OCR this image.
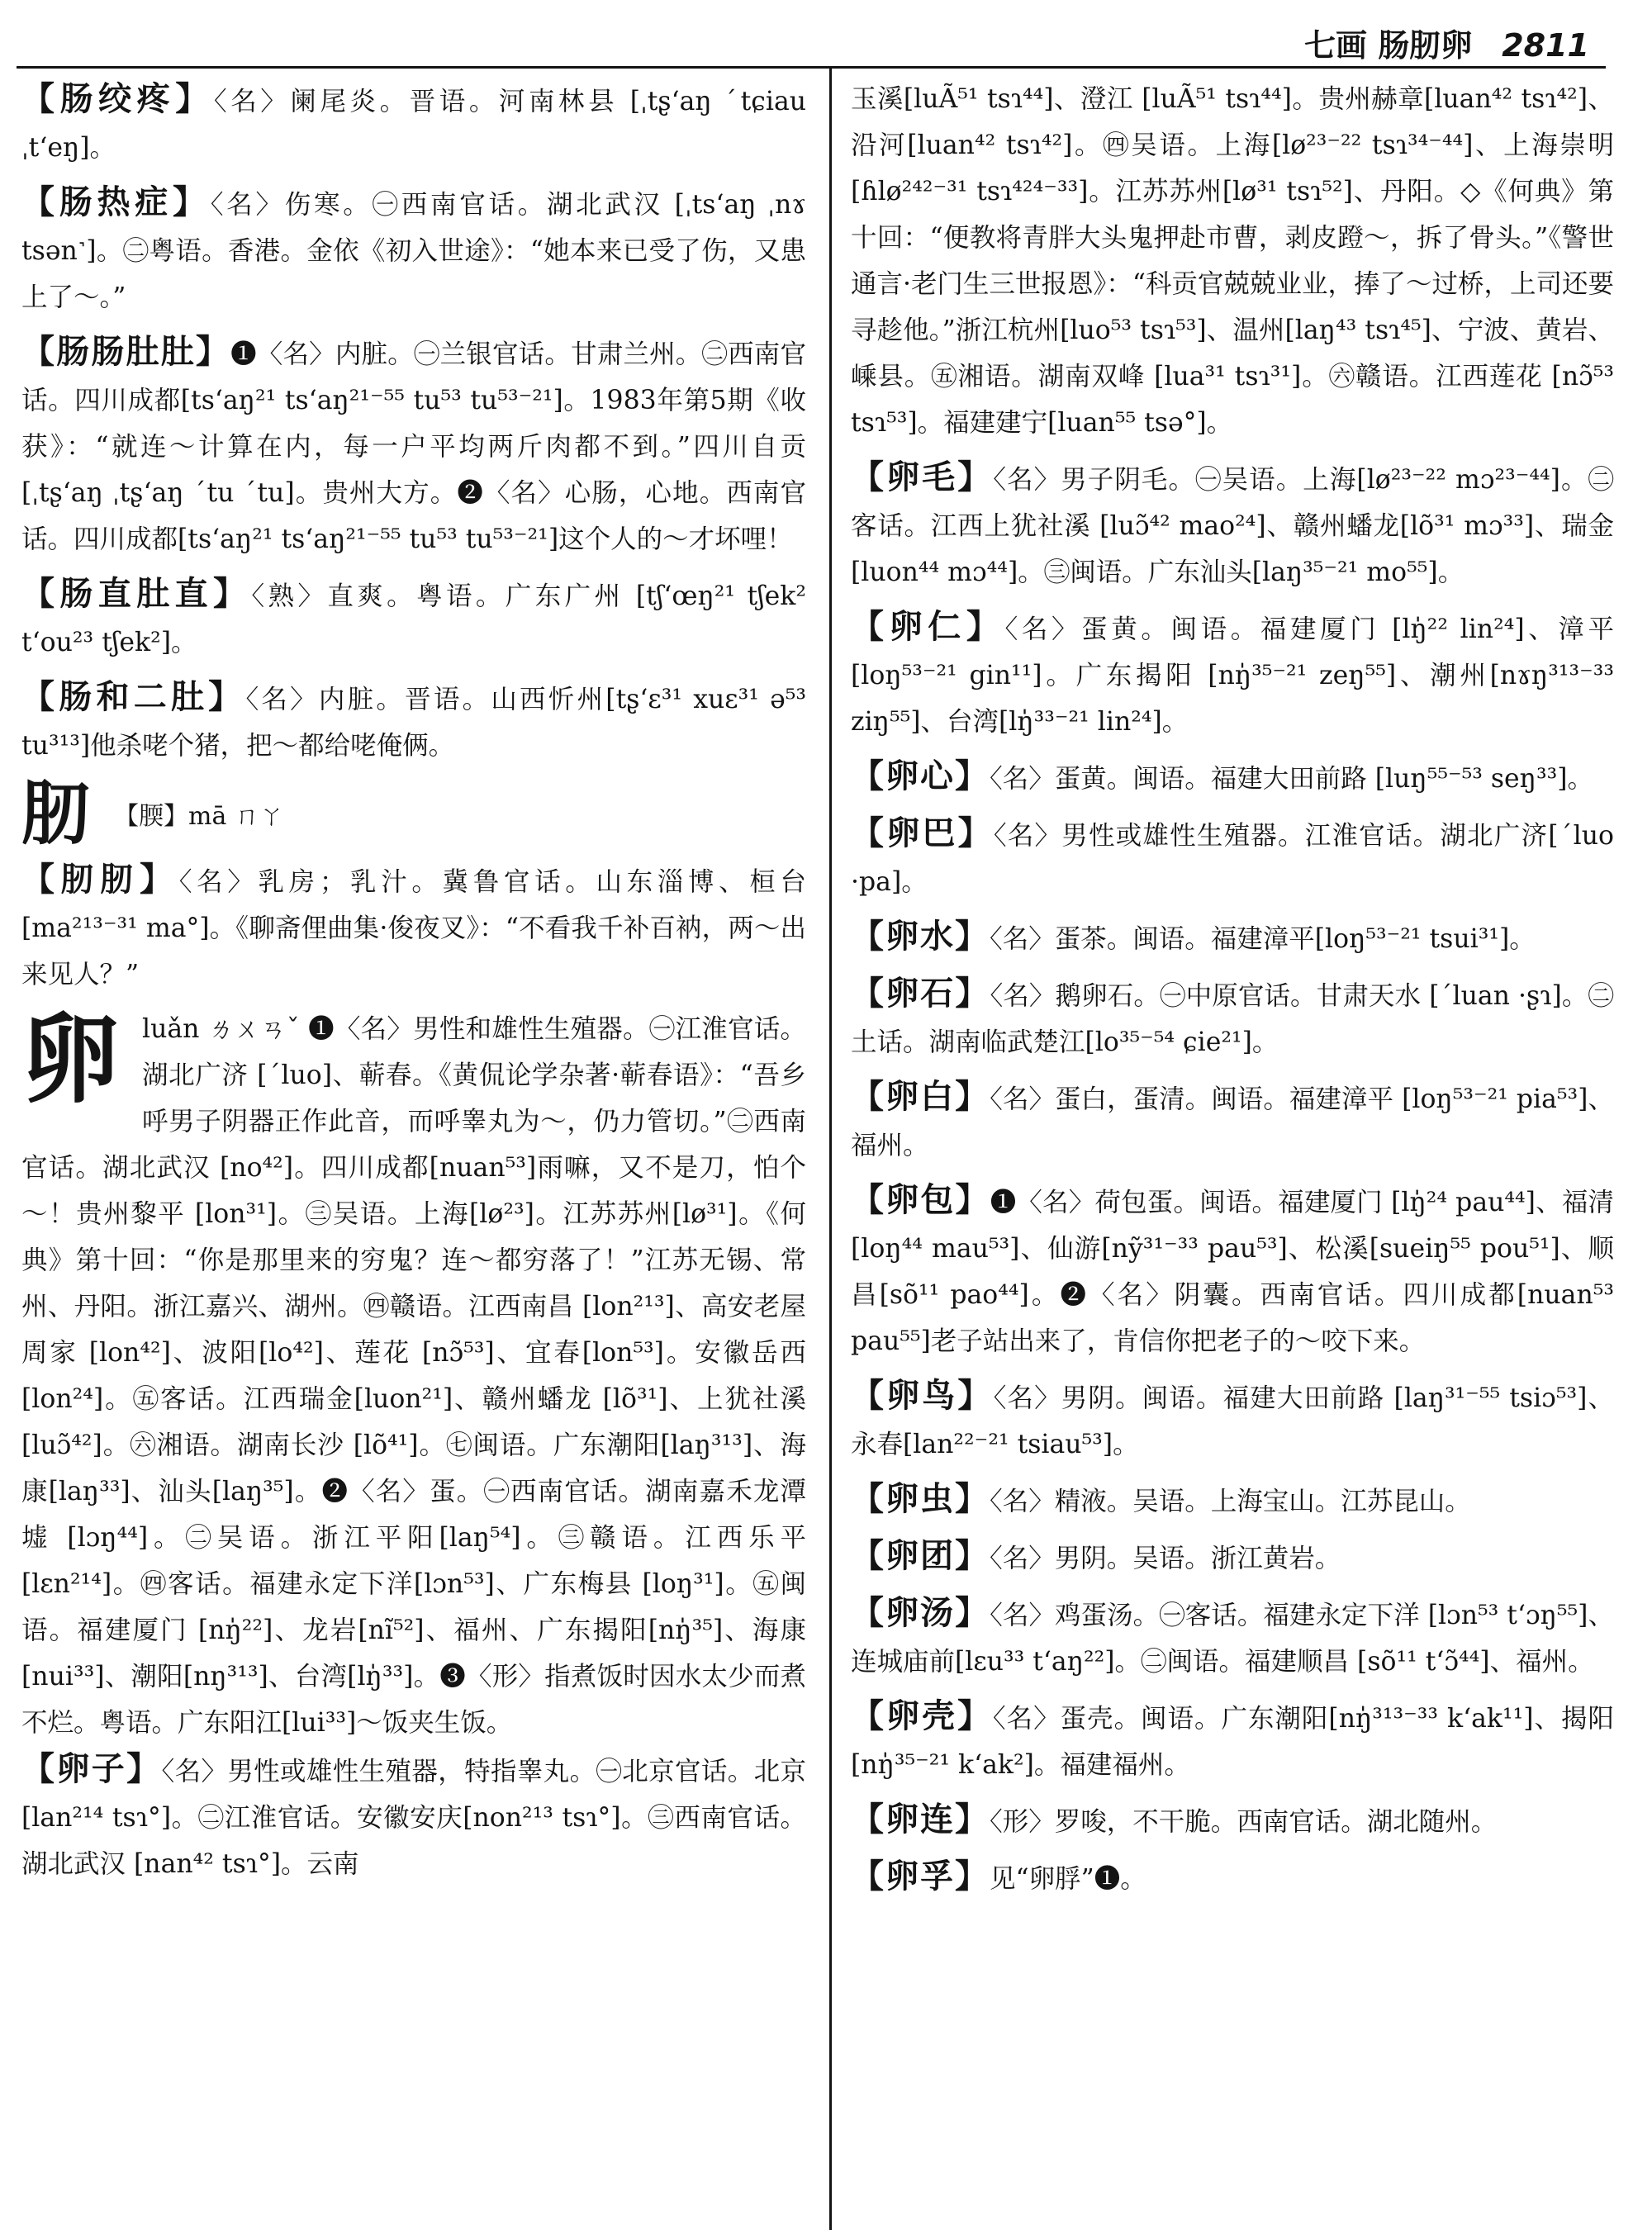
七画 肠肕卵 2811

【肠绞疼】〈名〉阑尾炎。晋语。河南林县 [ˌtʂʻaŋ ˊtɕiau ˌtʻeŋ]。

【肠热症】〈名〉伤寒。㊀西南官话。湖北武汉 [ˌtsʻaŋ ˌnɤ tsən˺]。㊁粤语。香港。金依《初入世途》：“她本来已受了伤，又患上了～。”

【肠肠肚肚】❶〈名〉内脏。㊀兰银官话。甘肃兰州。㊁西南官话。四川成都[tsʻaŋ²¹ tsʻaŋ²¹⁻⁵⁵ tu⁵³ tu⁵³⁻²¹]。1983年第5期《收获》：“就连～计算在内，每一户平均两斤肉都不到。”四川自贡 [ˌtʂʻaŋ ˌtʂʻaŋ ˊtu ˊtu]。贵州大方。❷〈名〉心肠，心地。西南官话。四川成都[tsʻaŋ²¹ tsʻaŋ²¹⁻⁵⁵ tu⁵³ tu⁵³⁻²¹]这个人的～才坏哩！

【肠直肚直】〈熟〉直爽。粤语。广东广州 [tʃʻœŋ²¹ tʃek² tʻou²³ tʃek²]。

【肠和二肚】〈名〉内脏。晋语。山西忻州[tʂʻɛ³¹ xuɛ³¹ ə⁵³ tu³¹³]他杀咾个猪，把～都给咾俺俩。

肕 【腝】mā ㄇㄚ

【肕肕】〈名〉乳房；乳汁。冀鲁官话。山东淄博、桓台[ma²¹³⁻³¹ ma°]。《聊斋俚曲集·俊夜叉》：“不看我千补百衲，两～出来见人？”

卵 luǎn ㄌㄨㄢˇ ❶〈名〉男性和雄性生殖器。㊀江淮官话。湖北广济 [ˊluo]、蕲春。《黄侃论学杂著·蕲春语》：“吾乡呼男子阴器正作此音，而呼睾丸为～，仍力管切。”㊁西南官话。湖北武汉 [no⁴²]。四川成都[nuan⁵³]雨嘛，又不是刀，怕个～！贵州黎平 [lon³¹]。㊂吴语。上海[lø²³]。江苏苏州[lø³¹]。《何典》第十回：“你是那里来的穷鬼？连～都穷落了！”江苏无锡、常州、丹阳。浙江嘉兴、湖州。㊃赣语。江西南昌 [lon²¹³]、高安老屋周家 [lon⁴²]、波阳[lo⁴²]、莲花 [nɔ̃⁵³]、宜春[lon⁵³]。安徽岳西 [lon²⁴]。㊄客话。江西瑞金[luon²¹]、赣州蟠龙 [lõ³¹]、上犹社溪 [luɔ̃⁴²]。㊅湘语。湖南长沙 [lõ⁴¹]。㊆闽语。广东潮阳[laŋ³¹³]、海康[laŋ³³]、汕头[laŋ³⁵]。❷〈名〉蛋。㊀西南官话。湖南嘉禾龙潭墟 [lɔŋ⁴⁴]。㊁吴语。浙江平阳[laŋ⁵⁴]。㊂赣语。江西乐平 [lɛn²¹⁴]。㊃客话。福建永定下洋[lɔn⁵³]、广东梅县 [loŋ³¹]。㊄闽语。福建厦门 [nŋ̍²²]、龙岩[nĩ⁵²]、福州、广东揭阳[nŋ̍³⁵]、海康[nui³³]、潮阳[nŋ³¹³]、台湾[lŋ̍³³]。❸〈形〉指煮饭时因水太少而煮不烂。粤语。广东阳江[lui³³]～饭夹生饭。

【卵子】〈名〉男性或雄性生殖器，特指睾丸。㊀北京官话。北京[lan²¹⁴ tsɿ°]。㊁江淮官话。安徽安庆[non²¹³ tsɿ°]。㊂西南官话。湖北武汉 [nan⁴² tsɿ°]。云南

玉溪[luÃ⁵¹ tsɿ⁴⁴]、澄江 [luÃ⁵¹ tsɿ⁴⁴]。贵州赫章[luan⁴² tsɿ⁴²]、沿河[luan⁴² tsɿ⁴²]。㊃吴语。上海[lø²³⁻²² tsɿ³⁴⁻⁴⁴]、上海崇明[ɦlø²⁴²⁻³¹ tsɿ⁴²⁴⁻³³]。江苏苏州[lø³¹ tsɿ⁵²]、丹阳。◇《何典》第十回：“便教将青胖大头鬼押赴市曹，剥皮蹬～，拆了骨头。”《警世通言·老门生三世报恩》：“科贡官兢兢业业，捧了～过桥，上司还要寻趁他。”浙江杭州[luo⁵³ tsɿ⁵³]、温州[laŋ⁴³ tsɿ⁴⁵]、宁波、黄岩、嵊县。㊄湘语。湖南双峰 [lua³¹ tsɿ³¹]。㊅赣语。江西莲花 [nɔ̃⁵³ tsɿ⁵³]。福建建宁[luan⁵⁵ tsə°]。

【卵毛】〈名〉男子阴毛。㊀吴语。上海[lø²³⁻²² mɔ²³⁻⁴⁴]。㊁客话。江西上犹社溪 [luɔ̃⁴² mao²⁴]、赣州蟠龙[lõ³¹ mɔ³³]、瑞金[luon⁴⁴ mɔ⁴⁴]。㊂闽语。广东汕头[laŋ³⁵⁻²¹ mo⁵⁵]。

【卵仁】〈名〉蛋黄。闽语。福建厦门 [lŋ̍²² lin²⁴]、漳平[loŋ⁵³⁻²¹ gin¹¹]。广东揭阳 [nŋ̍³⁵⁻²¹ zeŋ⁵⁵]、潮州[nɤŋ³¹³⁻³³ ziŋ⁵⁵]、台湾[lŋ̍³³⁻²¹ lin²⁴]。

【卵心】〈名〉蛋黄。闽语。福建大田前路 [luŋ⁵⁵⁻⁵³ seŋ³³]。

【卵巴】〈名〉男性或雄性生殖器。江淮官话。湖北广济[ˊluo ·pa]。

【卵水】〈名〉蛋茶。闽语。福建漳平[loŋ⁵³⁻²¹ tsui³¹]。

【卵石】〈名〉鹅卵石。㊀中原官话。甘肃天水 [ˊluan ·ʂɿ]。㊁土话。湖南临武楚江[lo³⁵⁻⁵⁴ ɕie²¹]。

【卵白】〈名〉蛋白，蛋清。闽语。福建漳平 [loŋ⁵³⁻²¹ pia⁵³]、福州。

【卵包】❶〈名〉荷包蛋。闽语。福建厦门 [lŋ̍²⁴ pau⁴⁴]、福清 [loŋ⁴⁴ mau⁵³]、仙游[nỹ³¹⁻³³ pau⁵³]、松溪[sueiŋ⁵⁵ pou⁵¹]、顺昌[sõ¹¹ pao⁴⁴]。❷〈名〉阴囊。西南官话。四川成都[nuan⁵³ pau⁵⁵]老子站出来了，肯信你把老子的～咬下来。

【卵鸟】〈名〉男阴。闽语。福建大田前路 [laŋ³¹⁻⁵⁵ tsiɔ⁵³]、永春[lan²²⁻²¹ tsiau⁵³]。

【卵虫】〈名〉精液。吴语。上海宝山。江苏昆山。

【卵团】〈名〉男阴。吴语。浙江黄岩。

【卵汤】〈名〉鸡蛋汤。㊀客话。福建永定下洋 [lɔn⁵³ tʻɔŋ⁵⁵]、连城庙前[lɛu³³ tʻaŋ²²]。㊁闽语。福建顺昌 [sõ¹¹ tʻɔ̃⁴⁴]、福州。

【卵壳】〈名〉蛋壳。闽语。广东潮阳[nŋ̍³¹³⁻³³ kʻak¹¹]、揭阳[nŋ̍³⁵⁻²¹ kʻak²]。福建福州。

【卵连】〈形〉罗唆，不干脆。西南官话。湖北随州。

【卵孚】见“卵脬”❶。
